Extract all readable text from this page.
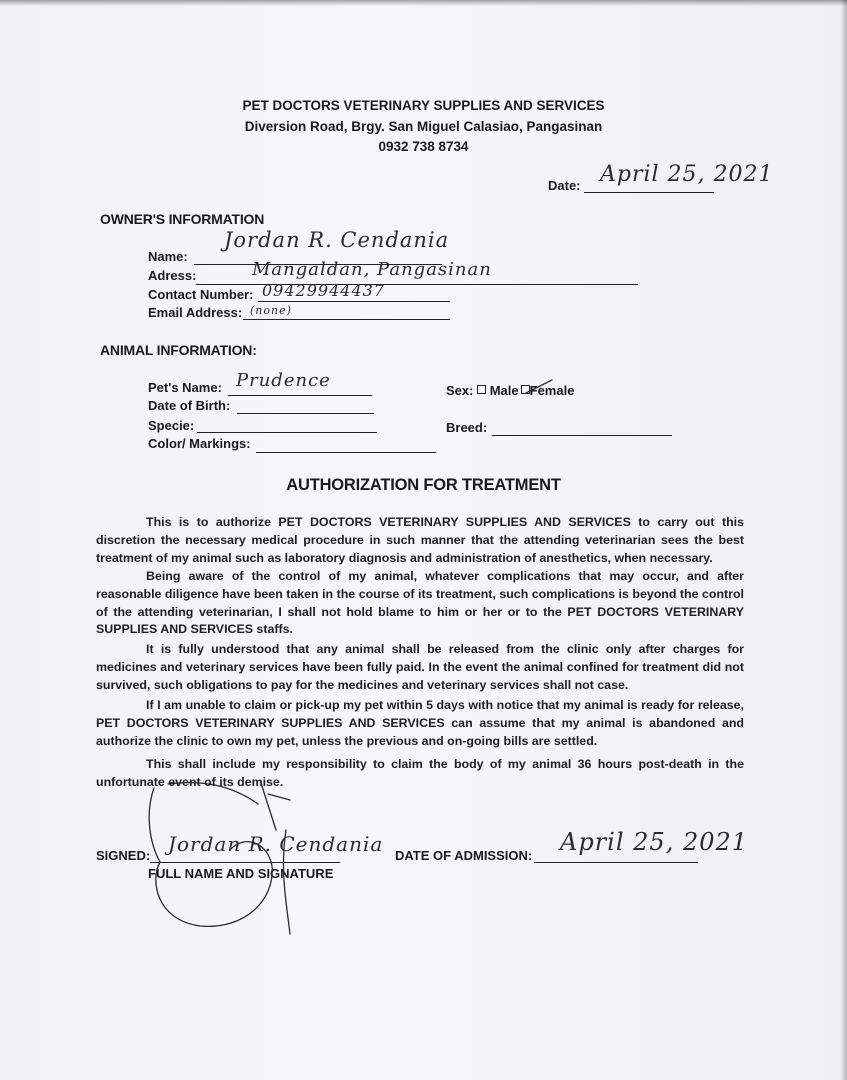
PET DOCTORS VETERINARY SUPPLIES AND SERVICES
Diversion Road, Brgy. San Miguel Calasiao, Pangasinan
0932 738 8734
Date: April 25, 2021
OWNER'S INFORMATION
Name:
Jordan R. Cendania
Adress:	Mangaldan, Pangasinan
Contact Number: 09429944437
Email Address: (none)
ANIMAL INFORMATION:
Pet's Name: Prudence
Date of Birth:
Specie:
Color/ Markings:
Sex: Male Female
Breed:
AUTHORIZATION FOR TREATMENT
This is to authorize PET DOCTORS VETERINARY SUPPLIES AND SERVICES to carry out this discretion the necessary medical procedure in such manner that the attending veterinarian sees the best treatment of my animal such as laboratory diagnosis and administration of anesthetics, when necessary.
Being aware of the control of my animal, whatever complications that may occur, and after reasonable diligence have been taken in the course of its treatment, such complications is beyond the control of the attending veterinarian, I shall not hold blame to him or her or to the PET DOCTORS VETERINARY SUPPLIES AND SERVICES staffs.
It is fully understood that any animal shall be released from the clinic only after charges for medicines and veterinary services have been fully paid. In the event the animal confined for treatment did not survived, such obligations to pay for the medicines and veterinary services shall not case.
If I am unable to claim or pick-up my pet within 5 days with notice that my animal is ready for release, PET DOCTORS VETERINARY SUPPLIES AND SERVICES can assume that my animal is abandoned and authorize the clinic to own my pet, unless the previous and on-going bills are settled.
This shall include my responsibility to claim the body of my animal 36 hours post-death in the unfortunate event of its demise.
SIGNED: Jordan R. Cendania
FULL NAME AND SIGNATURE
DATE OF ADMISSION: April 25, 2021
